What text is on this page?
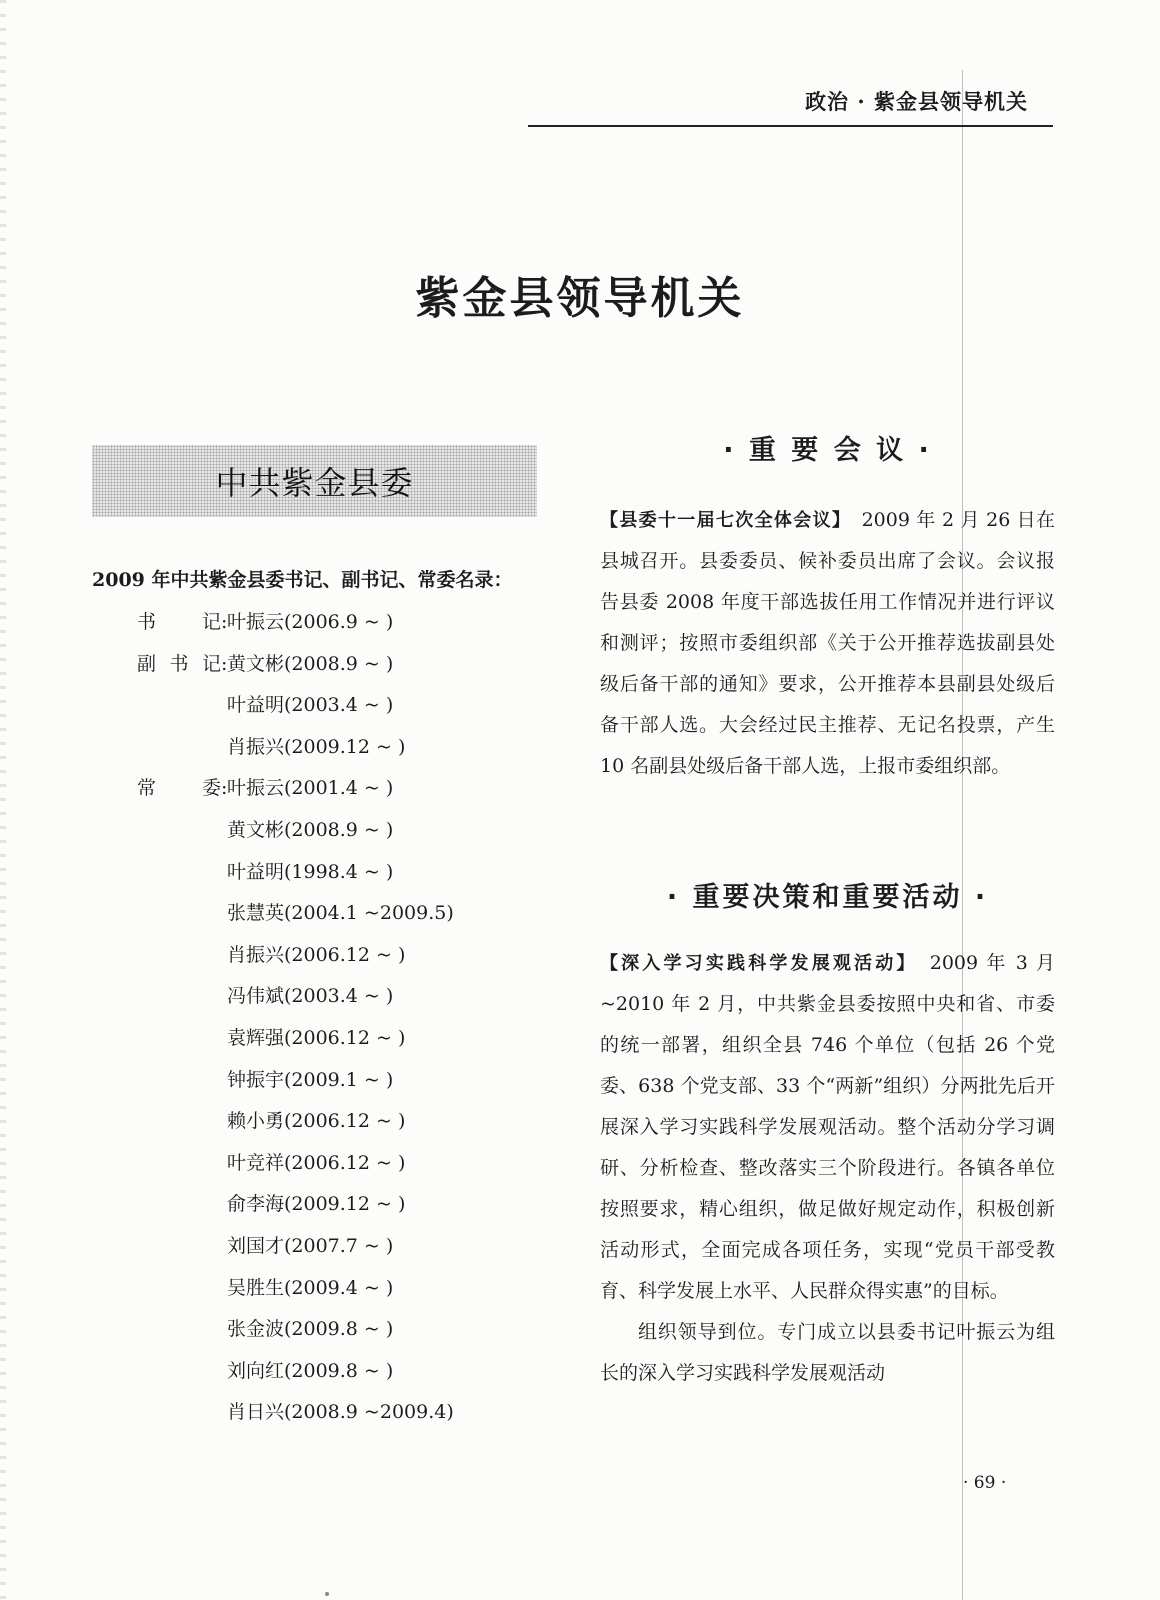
政治 · 紫金县领导机关
紫金县领导机关
中共紫金县委
2009 年中共紫金县委书记、副书记、常委名录：
书　记 : 叶振云(2006.9 ~ )
副书记 : 黄文彬(2008.9 ~ )
叶益明(2003.4 ~ )
肖振兴(2009.12 ~ )
常　委 : 叶振云(2001.4 ~ )
黄文彬(2008.9 ~ )
叶益明(1998.4 ~ )
张慧英(2004.1 ~2009.5)
肖振兴(2006.12 ~ )
冯伟斌(2003.4 ~ )
袁辉强(2006.12 ~ )
钟振宇(2009.1 ~ )
赖小勇(2006.12 ~ )
叶竞祥(2006.12 ~ )
俞李海(2009.12 ~ )
刘国才(2007.7 ~ )
吴胜生(2009.4 ~ )
张金波(2009.8 ~ )
刘向红(2009.8 ~ )
肖日兴(2008.9 ~2009.4)
· 重 要 会 议 ·

【县委十一届七次全体会议】　2009 年 2 月 26 日在县城召开。县委委员、候补委员出席了会议。会议报告县委 2008 年度干部选拔任用工作情况并进行评议和测评；按照市委组织部《关于公开推荐选拔副县处级后备干部的通知》要求，公开推荐本县副县处级后备干部人选。大会经过民主推荐、无记名投票，产生 10 名副县处级后备干部人选，上报市委组织部。

· 重要决策和重要活动 ·

【深入学习实践科学发展观活动】　2009 年 3 月 ~2010 年 2 月，中共紫金县委按照中央和省、市委的统一部署，组织全县 746 个单位（包括 26 个党委、638 个党支部、33 个“两新”组织）分两批先后开展深入学习实践科学发展观活动。整个活动分学习调研、分析检查、整改落实三个阶段进行。各镇各单位按照要求，精心组织，做足做好规定动作，积极创新活动形式，全面完成各项任务，实现“党员干部受教育、科学发展上水平、人民群众得实惠”的目标。

组织领导到位。专门成立以县委书记叶振云为组长的深入学习实践科学发展观活动

· 69 ·
